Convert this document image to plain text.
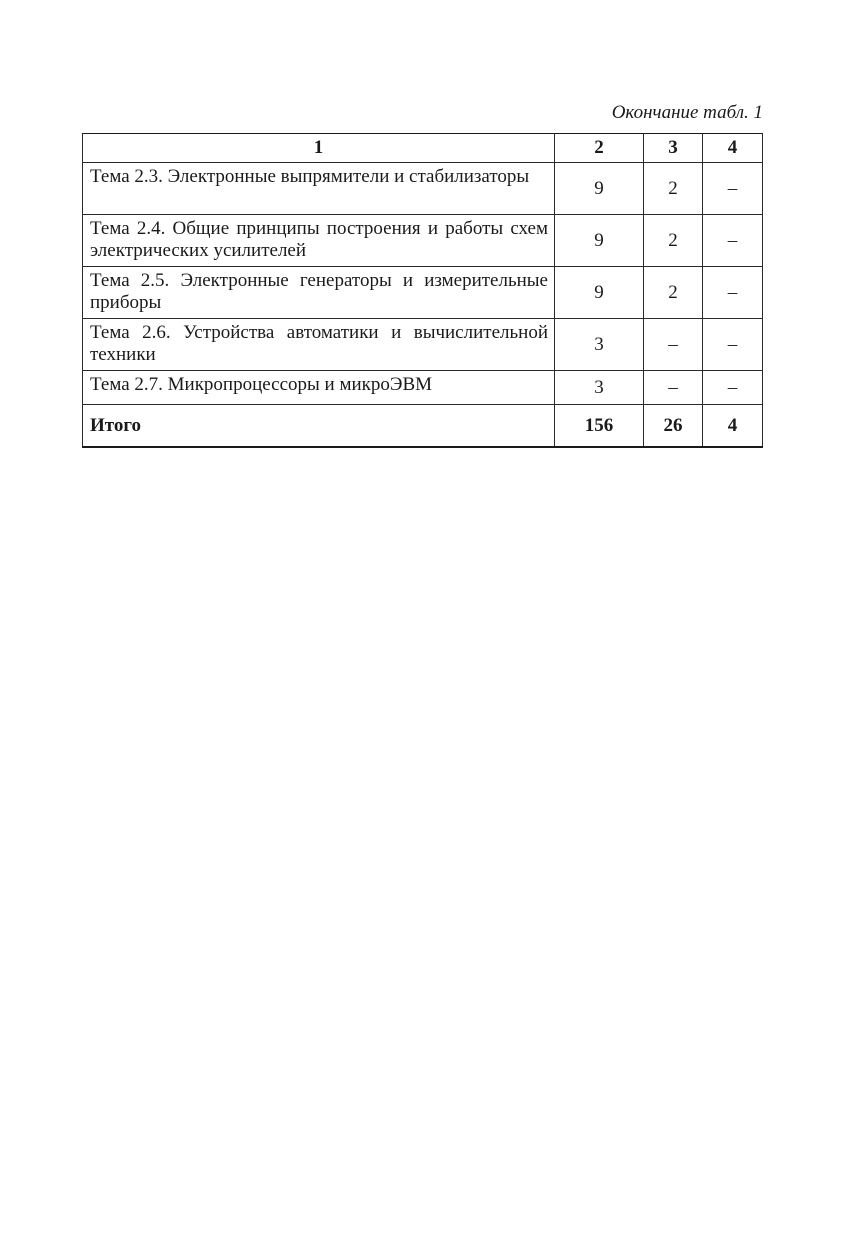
Окончание табл. 1
1	2	3	4
Тема 2.3. Электронные выпрямители и стабилизаторы	9	2	–
Тема 2.4. Общие принципы построения и работы схем электрических усилителей	9	2	–
Тема 2.5. Электронные генераторы и измерительные приборы	9	2	–
Тема 2.6. Устройства автоматики и вычислительной техники	3	–	–
Тема 2.7. Микропроцессоры и микроЭВМ	3	–	–
Итого	156	26	4
